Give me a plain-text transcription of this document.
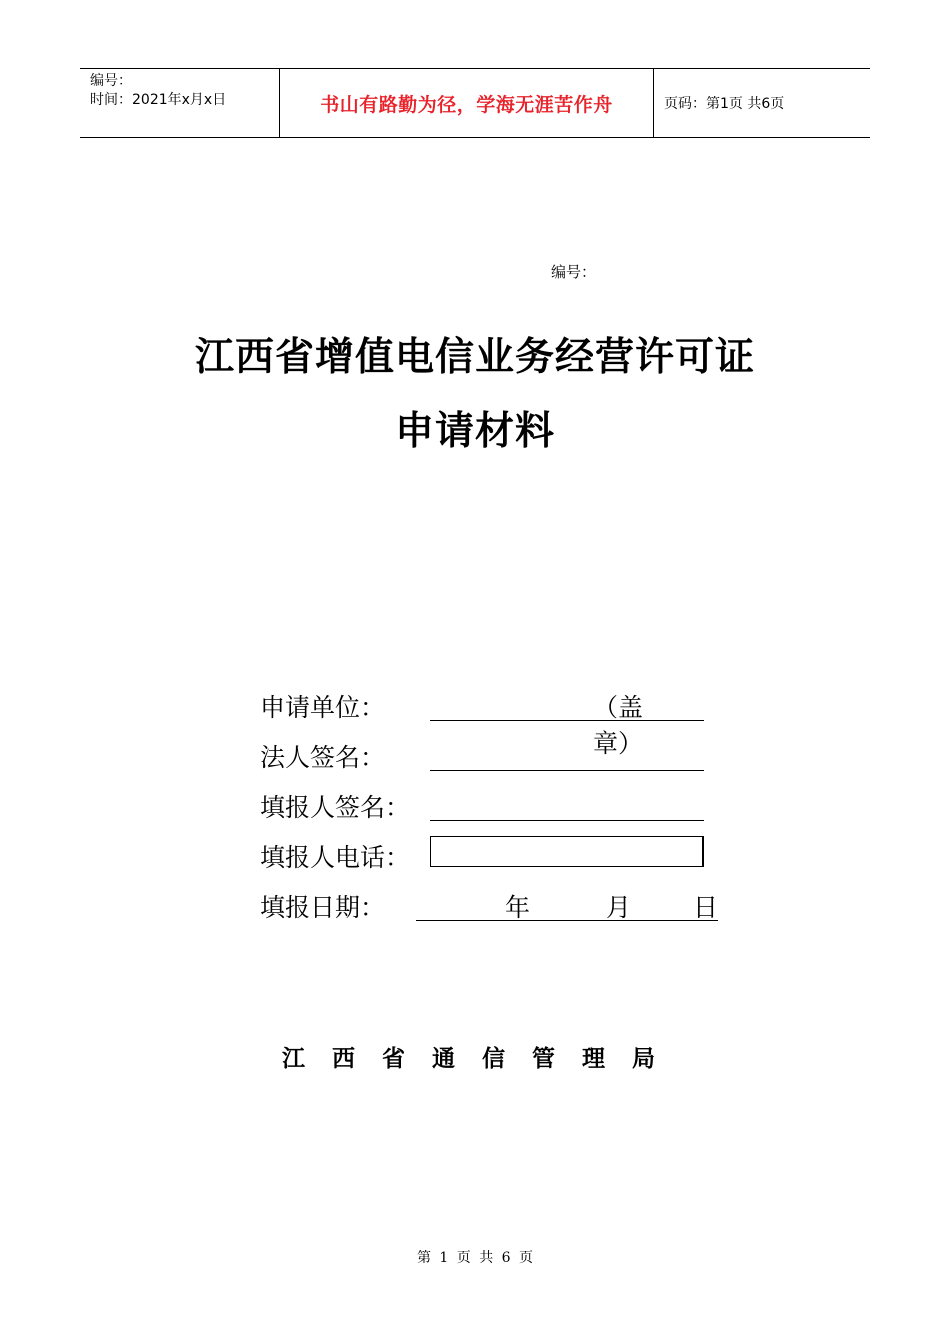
编号：
时间：2021年x月x日	书山有路勤为径，学海无涯苦作舟	页码：第1页 共6页
编号：
江西省增值电信业务经营许可证
申请材料
申请单位：	（盖章）
法人签名：
填报人签名：
填报人电话：
填报日期：	年	月 日
江西省通信管理局
第 1 页 共 6 页
